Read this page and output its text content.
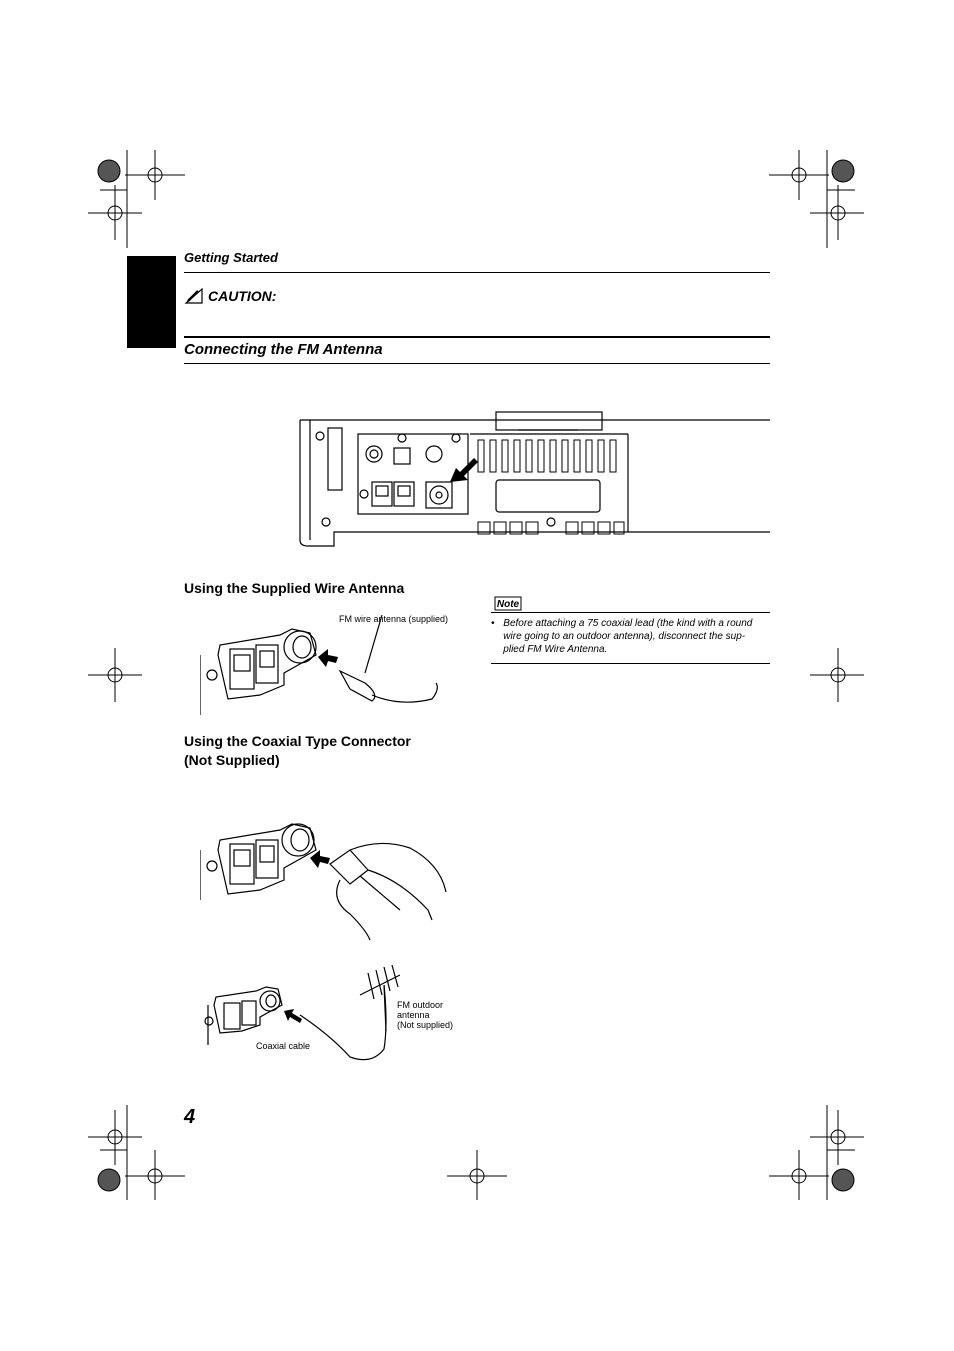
Getting Started
CAUTION:
Connecting the FM Antenna
Using the Supplied Wire Antenna
FM wire antenna (supplied)
Note
• Before attaching a 75 coaxial lead (the kind with a round wire going to an outdoor antenna), disconnect the sup-plied FM Wire Antenna.
Using the Coaxial Type Connector
(Not Supplied)
FM outdoor
antenna
(Not supplied)
Coaxial cable
4
